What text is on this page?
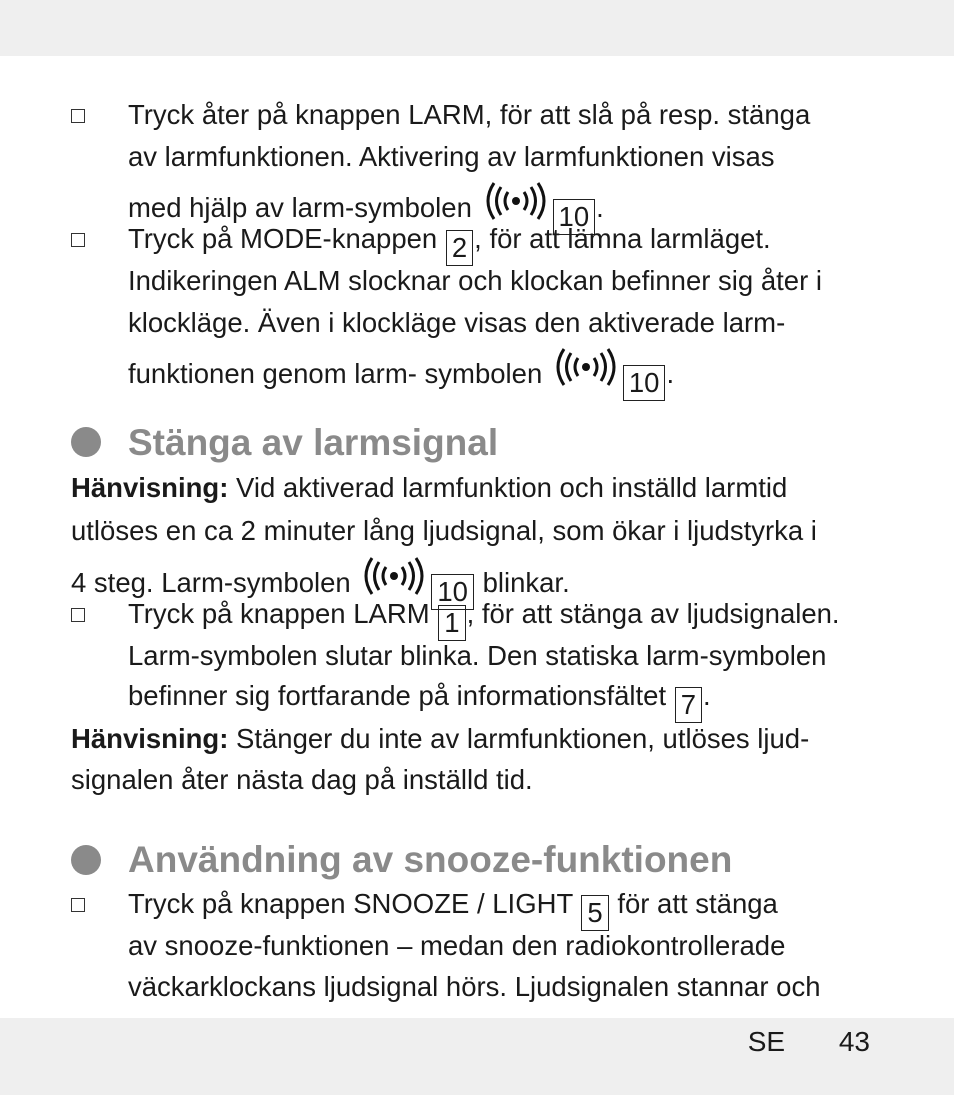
Tryck åter på knappen LARM, för att slå på resp. stänga
av larmfunktionen. Aktivering av larmfunktionen visas
med hjälp av larm-symbolen	10 .
Tryck på MODE-knappen 2 , för att lämna larmläget.
Indikeringen ALM slocknar och klockan befinner sig åter i
klockläge. Även i klockläge visas den aktiverade larm-
funktionen genom larm- symbolen	10 .
Stänga av larmsignal
Hänvisning: Vid aktiverad larmfunktion och inställd larmtid
utlöses en ca 2 minuter lång ljudsignal, som ökar i ljudstyrka i
4 steg. Larm-symbolen	10 blinkar.
Tryck på knappen LARM 1 , för att stänga av ljudsignalen.
Larm-symbolen slutar blinka. Den statiska larm-symbolen
befinner sig fortfarande på informationsfältet 7 .
Hänvisning: Stänger du inte av larmfunktionen, utlöses ljud-
signalen åter nästa dag på inställd tid.
Användning av snooze-funktionen
Tryck på knappen SNOOZE / LIGHT 5 för att stänga
av snooze-funktionen – medan den radiokontrollerade
väckarklockans ljudsignal hörs. Ljudsignalen stannar och
SE 43
